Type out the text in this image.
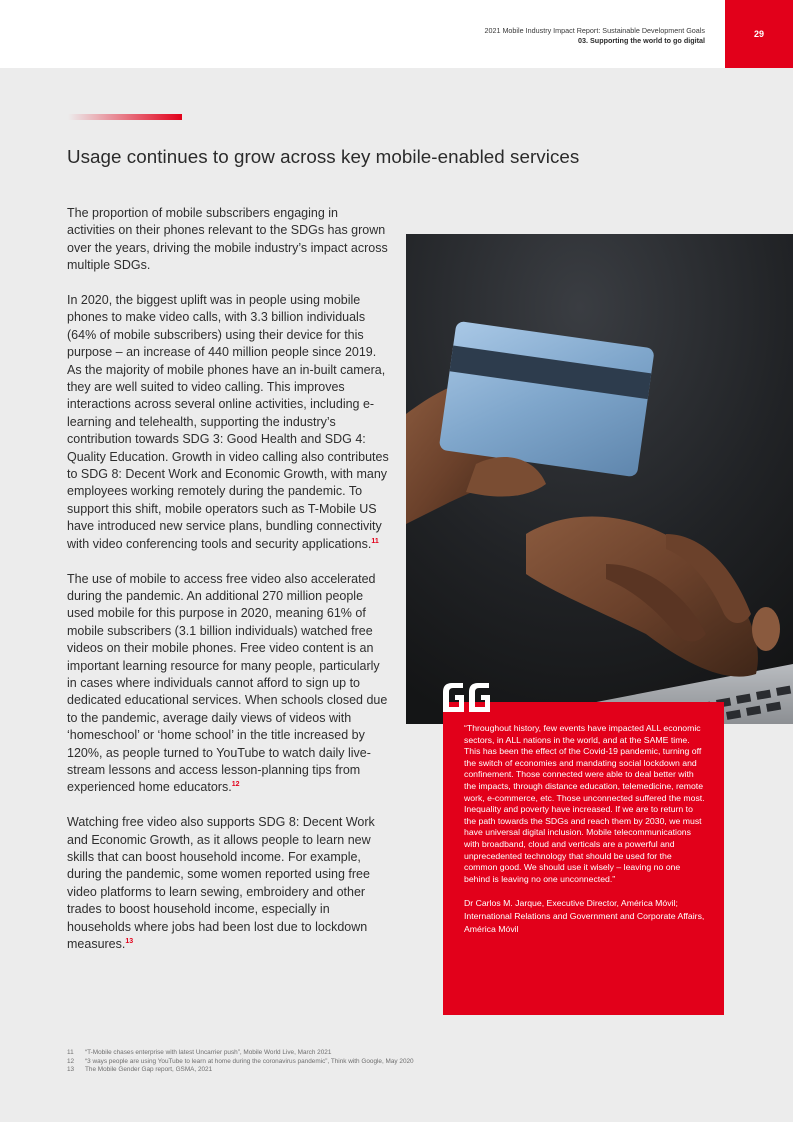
2021 Mobile Industry Impact Report: Sustainable Development Goals
03. Supporting the world to go digital
29
Usage continues to grow across key mobile-enabled services

The proportion of mobile subscribers engaging in activities on their phones relevant to the SDGs has grown over the years, driving the mobile industry’s impact across multiple SDGs.

In 2020, the biggest uplift was in people using mobile phones to make video calls, with 3.3 billion individuals (64% of mobile subscribers) using their device for this purpose – an increase of 440 million people since 2019. As the majority of mobile phones have an in-built camera, they are well suited to video calling. This improves interactions across several online activities, including e-learning and telehealth, supporting the industry’s contribution towards SDG 3: Good Health and SDG 4: Quality Education. Growth in video calling also contributes to SDG 8: Decent Work and Economic Growth, with many employees working remotely during the pandemic. To support this shift, mobile operators such as T-Mobile US have introduced new service plans, bundling connectivity with video conferencing tools and security applications.$^{11}$

The use of mobile to access free video also accelerated during the pandemic. An additional 270 million people used mobile for this purpose in 2020, meaning 61% of mobile subscribers (3.1 billion individuals) watched free videos on their mobile phones. Free video content is an important learning resource for many people, particularly in cases where individuals cannot afford to sign up to dedicated educational services. When schools closed due to the pandemic, average daily views of videos with ‘homeschool’ or ‘home school’ in the title increased by 120%, as people turned to YouTube to watch daily live-stream lessons and access lesson-planning tips from experienced home educators.$^{12}$

Watching free video also supports SDG 8: Decent Work and Economic Growth, as it allows people to learn new skills that can boost household income. For example, during the pandemic, some women reported using free video platforms to learn sewing, embroidery and other trades to boost household income, especially in households where jobs had been lost due to lockdown measures.$^{13}$

“Throughout history, few events have impacted ALL economic sectors, in ALL nations in the world, and at the SAME time. This has been the effect of the Covid-19 pandemic, turning off the switch of economies and mandating social lockdown and confinement. Those connected were able to deal better with the impacts, through distance education, telemedicine, remote work, e-commerce, etc. Those unconnected suffered the most. Inequality and poverty have increased. If we are to return to the path towards the SDGs and reach them by 2030, we must have universal digital inclusion. Mobile telecommunications with broadband, cloud and verticals are a powerful and unprecedented technology that should be used for the common good. We should use it wisely – leaving no one behind is leaving no one unconnected.”
Dr Carlos M. Jarque, Executive Director, América Móvil; International Relations and Government and Corporate Affairs, América Móvil
11	“T-Mobile chases enterprise with latest Uncarrier push”, Mobile World Live, March 2021
12	“3 ways people are using YouTube to learn at home during the coronavirus pandemic”, Think with Google, May 2020
13	The Mobile Gender Gap report, GSMA, 2021
